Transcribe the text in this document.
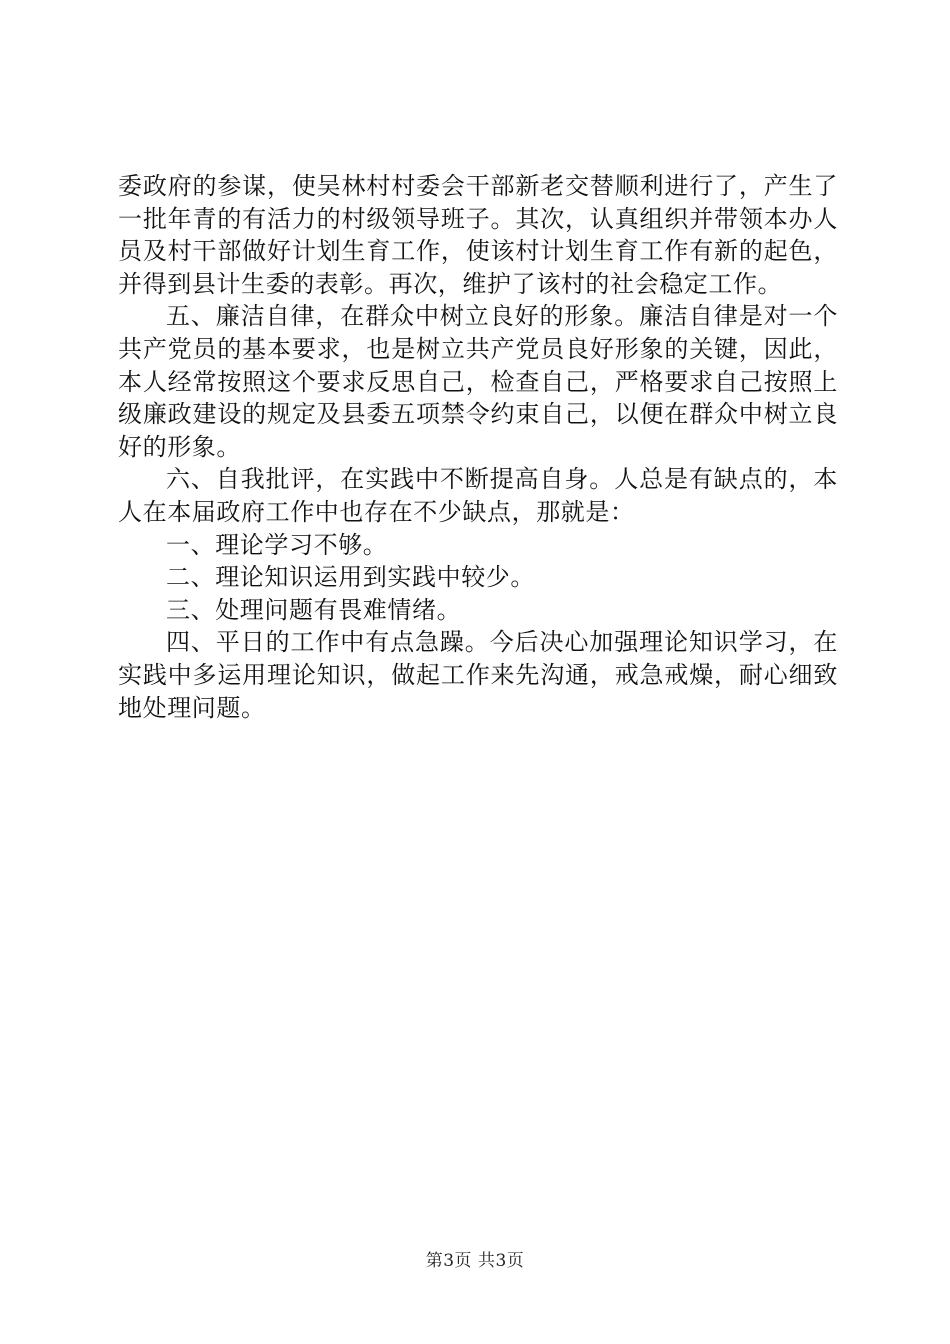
委政府的参谋，使吴林村村委会干部新老交替顺利进行了，产生了一批年青的有活力的村级领导班子。其次，认真组织并带领本办人员及村干部做好计划生育工作，使该村计划生育工作有新的起色，并得到县计生委的表彰。再次，维护了该村的社会稳定工作。

五、廉洁自律，在群众中树立良好的形象。廉洁自律是对一个共产党员的基本要求，也是树立共产党员良好形象的关键，因此，本人经常按照这个要求反思自己，检查自己，严格要求自己按照上级廉政建设的规定及县委五项禁令约束自己，以便在群众中树立良好的形象。

六、自我批评，在实践中不断提高自身。人总是有缺点的，本人在本届政府工作中也存在不少缺点，那就是：

一、理论学习不够。

二、理论知识运用到实践中较少。

三、处理问题有畏难情绪。

四、平日的工作中有点急躁。今后决心加强理论知识学习，在实践中多运用理论知识，做起工作来先沟通，戒急戒燥，耐心细致地处理问题。

第3页 共3页
